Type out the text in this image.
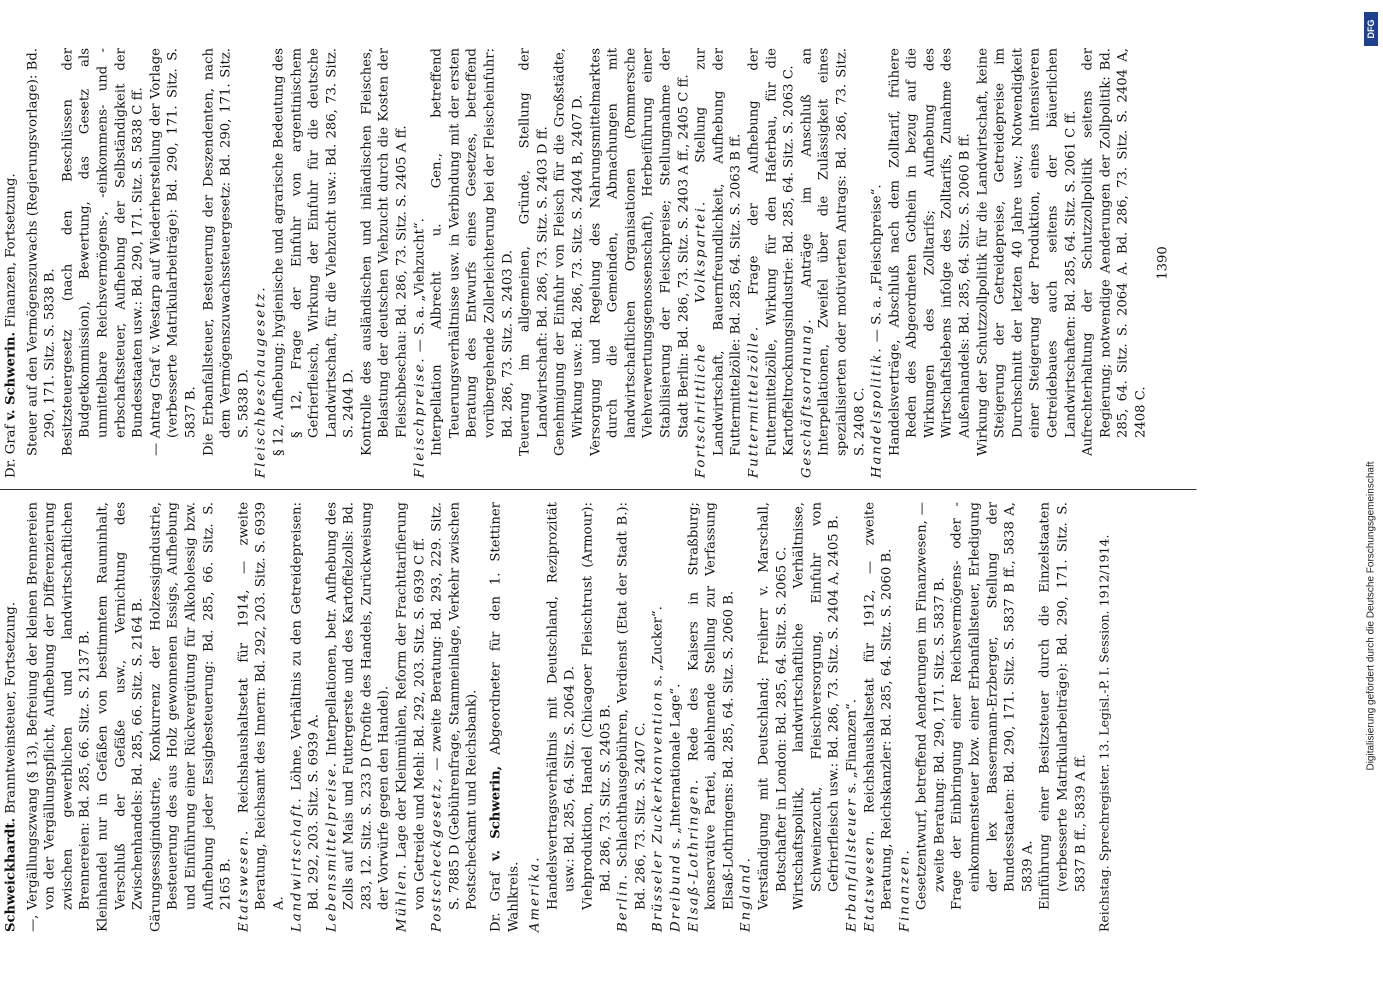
Schweickhardt. Branntweinsteuer, Fortsetzung. —, Vergällungszwang (§ 13), Befreiung der kleinen Brennereien von der Vergällungspflicht, Aufhebung der Differenzierung zwischen gewerblichen und landwirtschaftlichen Brennereien: Bd. 285, 66. Sitz. S. 2137 B. Kleinhandel nur in Gefäßen von bestimmtem Rauminhalt, Verschluß der Gefäße usw., Vernichtung des Zwischenhandels: Bd. 285, 66. Sitz. S. 2164 B. Gärungsessigindustrie, Konkurrenz der Holzessigindustrie, Besteuerung des aus Holz gewonnenen Essigs, Aufhebung und Einführung einer Rückvergütung für Alkoholessig bzw. Aufhebung jeder Essigbesteuerung: Bd. 285, 66. Sitz. S. 2165 B. Etatswesen. Reichshaushaltsetat für 1914, — zweite Beratung, Reichsamt des Innern: Bd. 292, 203. Sitz. S. 6939 A. Landwirtschaft. Löhne, Verhältnis zu den Getreidepreisen: Bd. 292, 203. Sitz. S. 6939 A. Lebensmittelpreise. Interpellationen, betr. Aufhebung des Zolls auf Mais und Futtergerste und des Kartoffelzolls: Bd. 283, 12. Sitz. S. 233 D (Profite des Handels, Zurückweisung der Vorwürfe gegen den Handel). Mühlen. Lage der Kleinmühlen, Reform der Frachttarifierung von Getreide und Mehl: Bd. 292, 203. Sitz. S. 6939 C ff. Postscheckgesetz, — zweite Beratung: Bd. 293, 229. Sitz. S. 7885 D (Gebührenfrage, Stammeinlage, Verkehr zwischen Postscheckamt und Reichsbank). Dr. Graf v. Schwerin, Abgeordneter für den 1. Stettiner Wahlkreis. Amerika. Handelsvertragsverhältnis mit Deutschland, Reziprozität usw.: Bd. 285, 64. Sitz. S. 2064 D. Viehproduktion, Handel (Chicagoer Fleischtrust (Armour): Bd. 286, 73. Sitz. S. 2405 B.

Berlin. Schlachthausgebühren, Verdienst (Etat der Stadt B.): Bd. 286, 73. Sitz. S. 2407 C. Brüsseler Zuckerkonvention s. „Zucker“.

Dreibund s. „Internationale Lage“.

Elsaß-Lothringen. Rede des Kaisers in Straßburg; konservative Partei, ablehnende Stellung zur Verfassung Elsaß-Lothringens: Bd. 285, 64. Sitz. S. 2060 B. England. Verständigung mit Deutschland; Freiherr v. Marschall, Botschafter in London: Bd. 285, 64. Sitz. S. 2065 C. Wirtschaftspolitik, landwirtschaftliche Verhältnisse, Schweinezucht, Fleischversorgung, Einfuhr von Gefrierfleisch usw.: Bd. 286, 73. Sitz. S. 2404 A, 2405 B. Erbanfallsteuer s. „Finanzen“.

Etatswesen. Reichshaushaltsetat für 1912, — zweite Beratung, Reichskanzler: Bd. 285, 64. Sitz. S. 2060 B. Finanzen. Gesetzentwurf, betreffend Aenderungen im Finanzwesen, — zweite Beratung: Bd. 290, 171. Sitz. S. 5837 B. Frage der Einbringung einer Reichsvermögens- oder -einkommensteuer bzw. einer Erbanfallsteuer, Erledigung der lex Bassermann-Erzberger, Stellung der Bundesstaaten: Bd. 290, 171. Sitz. S. 5837 B ff., 5838 A, 5839 A. Einführung einer Besitzsteuer durch die Einzelstaaten (verbesserte Matrikularbeiträge): Bd. 290, 171. Sitz. S. 5837 B ff., 5839 A ff. Reichstag. Sprechregister. 13. Legisl.-P. I. Session. 1912/1914.
Dr. Graf v. Schwerin. Finanzen, Fortsetzung. Steuer auf den Vermögenszuwachs (Regierungsvorlage): Bd. 290, 171. Sitz. S. 5838 B. Besitzsteuergesetz (nach den Beschlüssen der Budgetkommission), Bewertung, das Gesetz als unmittelbare Reichsvermögens-, -einkommens- und -erbschaftssteuer, Aufhebung der Selbständigkeit der Bundesstaaten usw.: Bd. 290, 171. Sitz. S. 5838 C ff. — Antrag Graf v. Westarp auf Wiederherstellung der Vorlage (verbesserte Matrikularbeiträge): Bd. 290, 171. Sitz. S. 5837 B. Die Erbanfallsteuer, Besteuerung der Deszendenten, nach dem Vermögenszuwachssteuergesetz: Bd. 290, 171. Sitz. S. 5838 D. Fleischbeschaugesetz. § 12, Aufhebung; hygienische und agrarische Bedeutung des § 12, Frage der Einfuhr von argentinischem Gefrierfleisch, Wirkung der Einfuhr für die deutsche Landwirtschaft, für die Viehzucht usw.: Bd. 286, 73. Sitz. S. 2404 D. Kontrolle des ausländischen und inländischen Fleisches, Belastung der deutschen Viehzucht durch die Kosten der Fleischbeschau: Bd. 286, 73. Sitz. S. 2405 A ff. Fleischpreise. — S. a. „Viehzucht“. Interpellation Albrecht u. Gen., betreffend Teuerungsverhältnisse usw. in Verbindung mit der ersten Beratung des Entwurfs eines Gesetzes, betreffend vorübergehende Zollerleichterung bei der Fleischeinfuhr: Bd. 286, 73. Sitz. S. 2403 D. Teuerung im allgemeinen, Gründe, Stellung der Landwirtschaft: Bd. 286, 73. Sitz. S. 2403 D ff. Genehmigung der Einfuhr von Fleisch für die Großstädte, Wirkung usw.: Bd. 286, 73. Sitz. S. 2404 B, 2407 D. Versorgung und Regelung des Nahrungsmittelmarktes durch die Gemeinden, Abmachungen mit landwirtschaftlichen Organisationen (Pommersche Viehverwertungsgenossenschaft), Herbeiführung einer Stabilisierung der Fleischpreise; Stellungnahme der Stadt Berlin: Bd. 286, 73. Sitz. S. 2403 A ff., 2405 C ff. Fortschrittliche Volkspartei. Stellung zur Landwirtschaft, Bauernfreundlichkeit, Aufhebung der Futtermittelzölle: Bd. 285, 64. Sitz. S. 2063 B ff. Futtermittelzölle. Frage der Aufhebung der Futtermittelzölle, Wirkung für den Haferbau, für die Kartoffeltrocknungsindustrie: Bd. 285, 64. Sitz. S. 2063 C. Geschäftsordnung. Anträge im Anschluß an Interpellationen, Zweifel über die Zulässigkeit eines spezialisierten oder motivierten Antrags: Bd. 286, 73. Sitz. S. 2408 C. Handelspolitik. — S. a. „Fleischpreise“. Handelsverträge, Abschluß nach dem Zolltarif, frühere Reden des Abgeordneten Gothein in bezug auf die Wirkungen des Zolltarifs; Aufhebung des Wirtschaftslebens infolge des Zolltarifs, Zunahme des Außenhandels: Bd. 285, 64. Sitz. S. 2060 B ff. Wirkung der Schutzzollpolitik für die Landwirtschaft, keine Steigerung der Getreidepreise, Getreidepreise im Durchschnitt der letzten 40 Jahre usw.; Notwendigkeit einer Steigerung der Produktion, eines intensiveren Getreidebaues auch seitens der bäuerlichen Landwirtschaften: Bd. 285, 64. Sitz. S. 2061 C ff. Aufrechterhaltung der Schutzzollpolitik seitens der Regierung; notwendige Aenderungen der Zollpolitik: Bd. 285, 64. Sitz. S. 2064 A. Bd. 286, 73. Sitz. S. 2404 A, 2408 C.

1390
DFG
Digitalisierung gefördert durch die Deutsche Forschungsgemeinschaft
